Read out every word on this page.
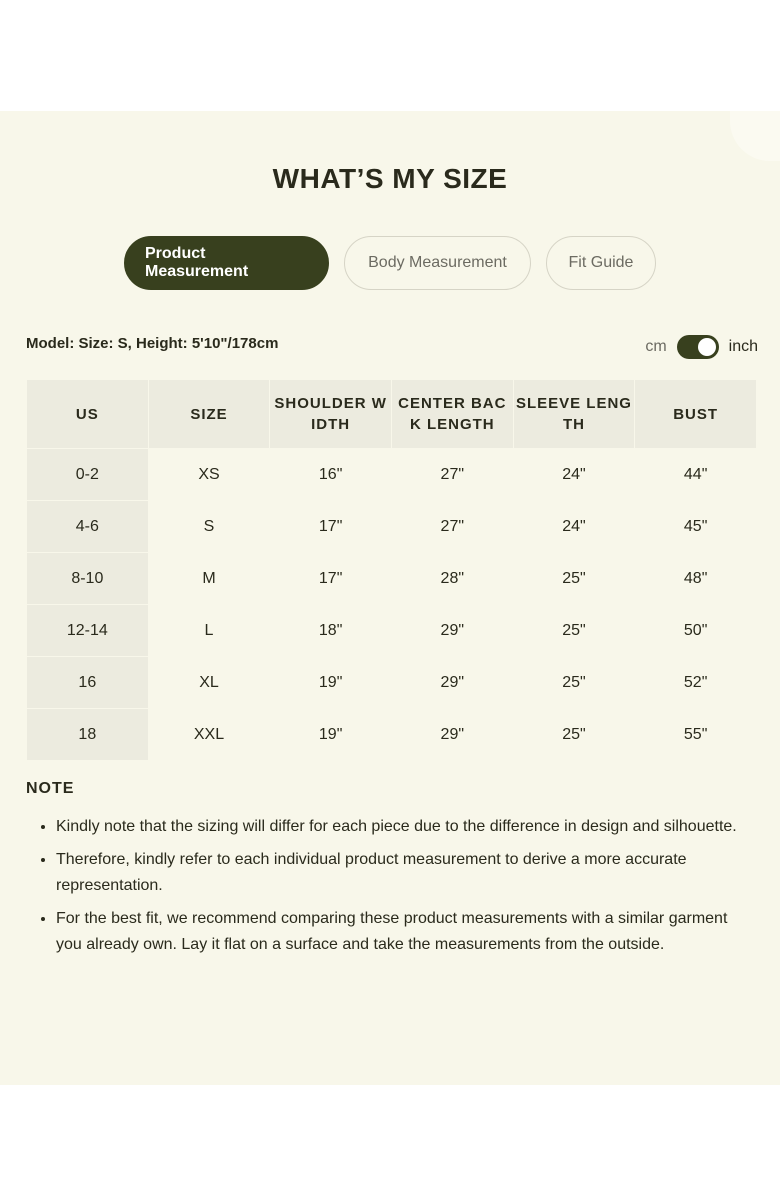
WHAT’S MY SIZE
Product Measurement
Body Measurement	Fit Guide
Model: Size: S, Height: 5'10"/178cm	cm	inch
US	SIZE	SHOULDER WIDTH	CENTER BACK LENGTH	SLEEVE LENGTH	BUST
0-2	XS	16"	27"	24"	44"
4-6	S	17"	27"	24"	45"
8-10	M	17"	28"	25"	48"
12-14	L	18"	29"	25"	50"
16	XL	19"	29"	25"	52"
18	XXL	19"	29"	25"	55"
NOTE
• Kindly note that the sizing will differ for each piece due to the difference in design and silhouette.
• Therefore, kindly refer to each individual product measurement to derive a more accurate representation.
• For the best fit, we recommend comparing these product measurements with a similar garment you already own. Lay it flat on a surface and take the measurements from the outside.
